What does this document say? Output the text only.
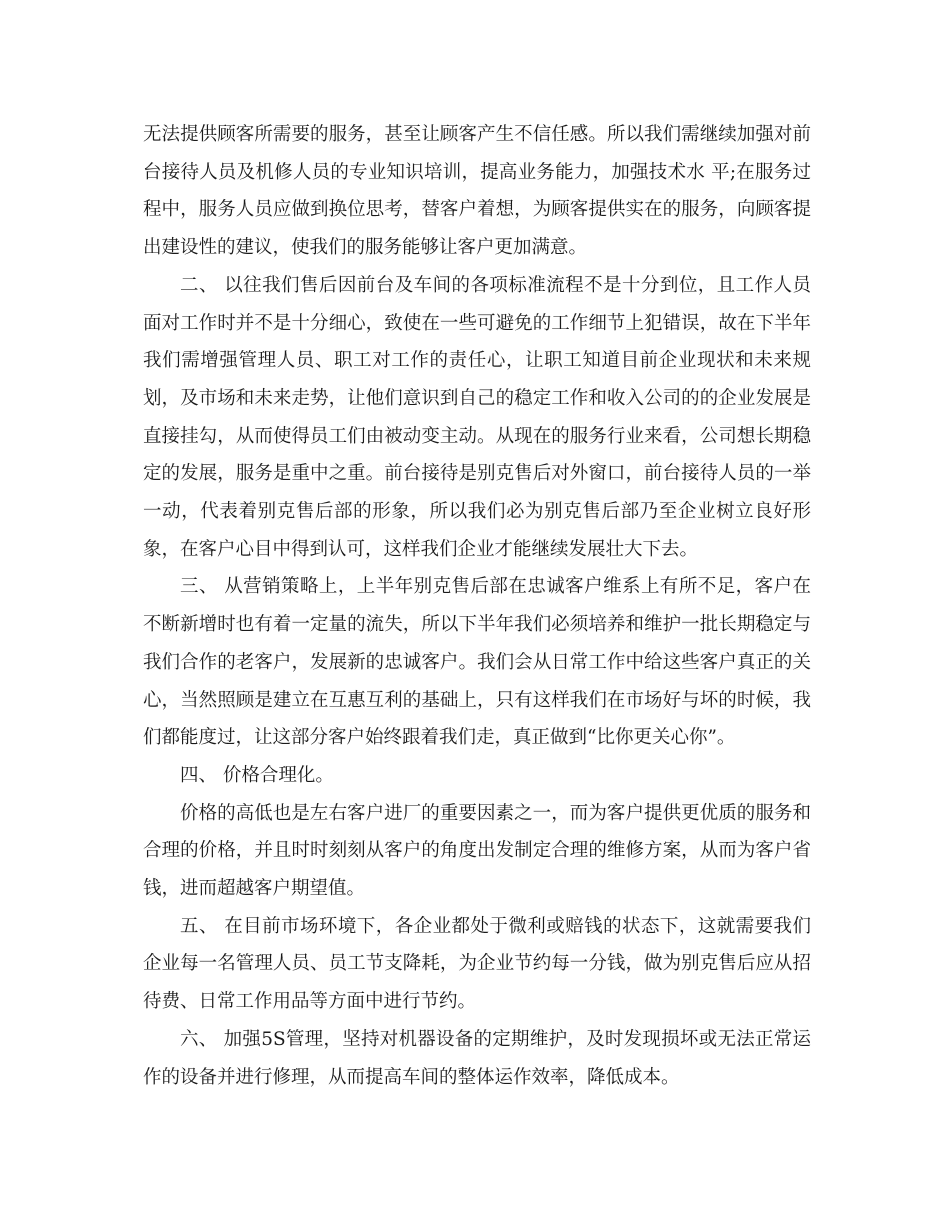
无法提供顾客所需要的服务，甚至让顾客产生不信任感。所以我们需继续加强对前台接待人员及机修人员的专业知识培训，提高业务能力，加强技术水 平;在服务过程中，服务人员应做到换位思考，替客户着想，为顾客提供实在的服务，向顾客提出建设性的建议，使我们的服务能够让客户更加满意。

二、 以往我们售后因前台及车间的各项标准流程不是十分到位，且工作人员面对工作时并不是十分细心，致使在一些可避免的工作细节上犯错误，故在下半年我们需增强管理人员、职工对工作的责任心，让职工知道目前企业现状和未来规划，及市场和未来走势，让他们意识到自己的稳定工作和收入公司的的企业发展是直接挂勾，从而使得员工们由被动变主动。从现在的服务行业来看，公司想长期稳定的发展，服务是重中之重。前台接待是别克售后对外窗口，前台接待人员的一举一动，代表着别克售后部的形象，所以我们必为别克售后部乃至企业树立良好形象，在客户心目中得到认可，这样我们企业才能继续发展壮大下去。

三、 从营销策略上，上半年别克售后部在忠诚客户维系上有所不足，客户在不断新增时也有着一定量的流失，所以下半年我们必须培养和维护一批长期稳定与我们合作的老客户，发展新的忠诚客户。我们会从日常工作中给这些客户真正的关心，当然照顾是建立在互惠互利的基础上，只有这样我们在市场好与坏的时候，我们都能度过，让这部分客户始终跟着我们走，真正做到“比你更关心你”。

四、 价格合理化。

价格的高低也是左右客户进厂的重要因素之一，而为客户提供更优质的服务和合理的价格，并且时时刻刻从客户的角度出发制定合理的维修方案，从而为客户省钱，进而超越客户期望值。

五、 在目前市场环境下，各企业都处于微利或赔钱的状态下，这就需要我们企业每一名管理人员、员工节支降耗，为企业节约每一分钱，做为别克售后应从招待费、日常工作用品等方面中进行节约。

六、 加强5S管理，坚持对机器设备的定期维护，及时发现损坏或无法正常运作的设备并进行修理，从而提高车间的整体运作效率，降低成本。
